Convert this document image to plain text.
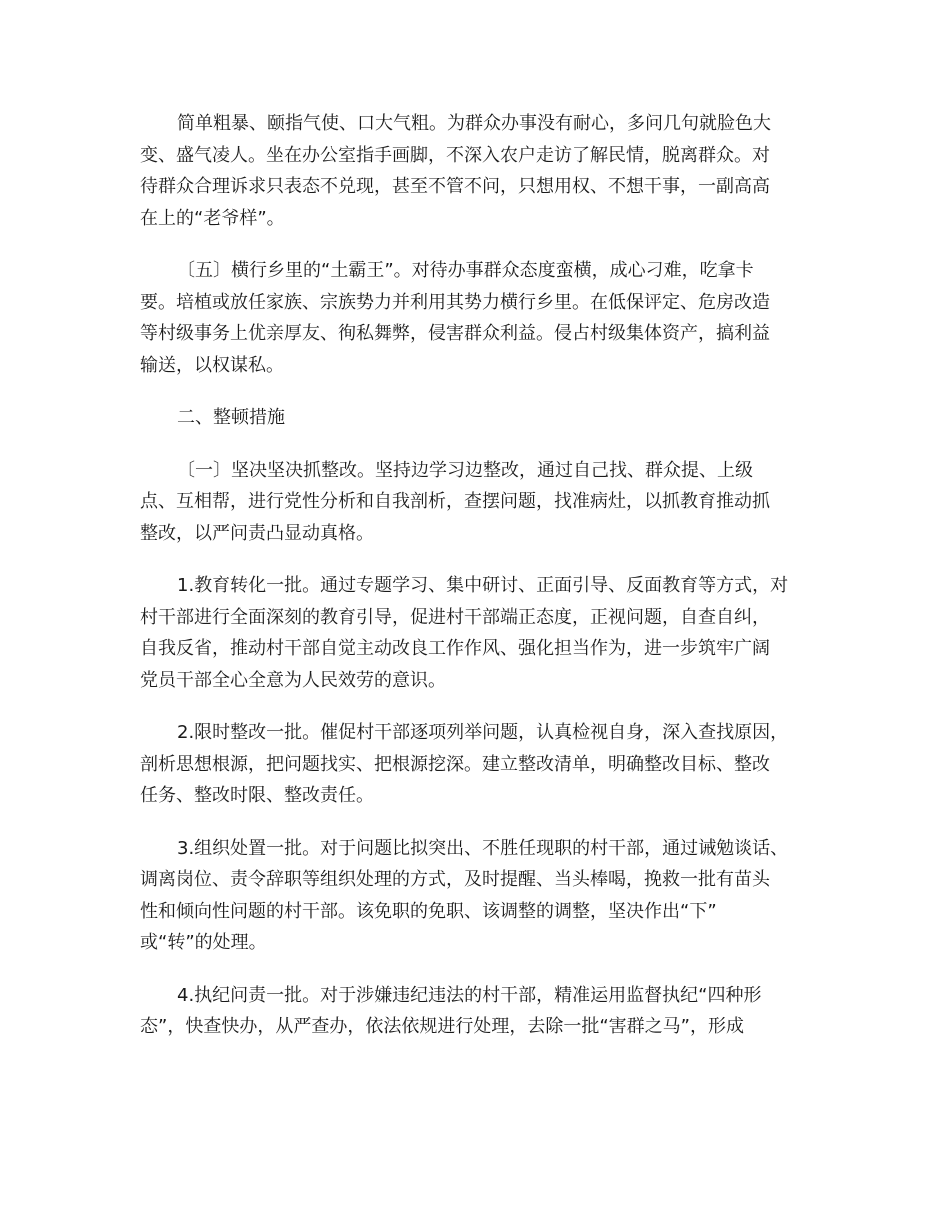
简单粗暴、颐指气使、口大气粗。为群众办事没有耐心，多问几句就脸色大
变、盛气凌人。坐在办公室指手画脚，不深入农户走访了解民情，脱离群众。对
待群众合理诉求只表态不兑现，甚至不管不问，只想用权、不想干事，一副高高
在上的“老爷样”。

〔五〕横行乡里的“土霸王”。对待办事群众态度蛮横，成心刁难，吃拿卡
要。培植或放任家族、宗族势力并利用其势力横行乡里。在低保评定、危房改造
等村级事务上优亲厚友、徇私舞弊，侵害群众利益。侵占村级集体资产，搞利益
输送，以权谋私。

二、整顿措施

〔一〕坚决坚决抓整改。坚持边学习边整改，通过自己找、群众提、上级
点、互相帮，进行党性分析和自我剖析，查摆问题，找准病灶，以抓教育推动抓
整改，以严问责凸显动真格。

1.教育转化一批。通过专题学习、集中研讨、正面引导、反面教育等方式，对
村干部进行全面深刻的教育引导，促进村干部端正态度，正视问题，自查自纠，
自我反省，推动村干部自觉主动改良工作作风、强化担当作为，进一步筑牢广阔
党员干部全心全意为人民效劳的意识。

2.限时整改一批。催促村干部逐项列举问题，认真检视自身，深入查找原因，
剖析思想根源，把问题找实、把根源挖深。建立整改清单，明确整改目标、整改
任务、整改时限、整改责任。

3.组织处置一批。对于问题比拟突出、不胜任现职的村干部，通过诫勉谈话、
调离岗位、责令辞职等组织处理的方式，及时提醒、当头棒喝，挽救一批有苗头
性和倾向性问题的村干部。该免职的免职、该调整的调整，坚决作出“下”
或“转”的处理。

4.执纪问责一批。对于涉嫌违纪违法的村干部，精准运用监督执纪“四种形
态”，快查快办，从严查办，依法依规进行处理，去除一批“害群之马”，形成
